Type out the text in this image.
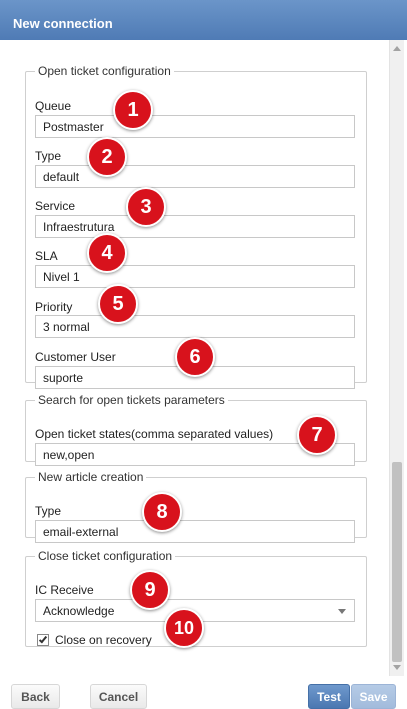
New connection
Open ticket configuration
Queue
Postmaster
Type
default
Service
Infraestrutura
SLA
Nivel 1
Priority
3 normal
Customer User
suporte
Search for open tickets parameters
Open ticket states(comma separated values)
new,open
New article creation
Type
email-external
Close ticket configuration
IC Receive
Acknowledge
Close on recovery
1
2
3
4
5
6
7
8
9
10
Back	Cancel	Test	Save
